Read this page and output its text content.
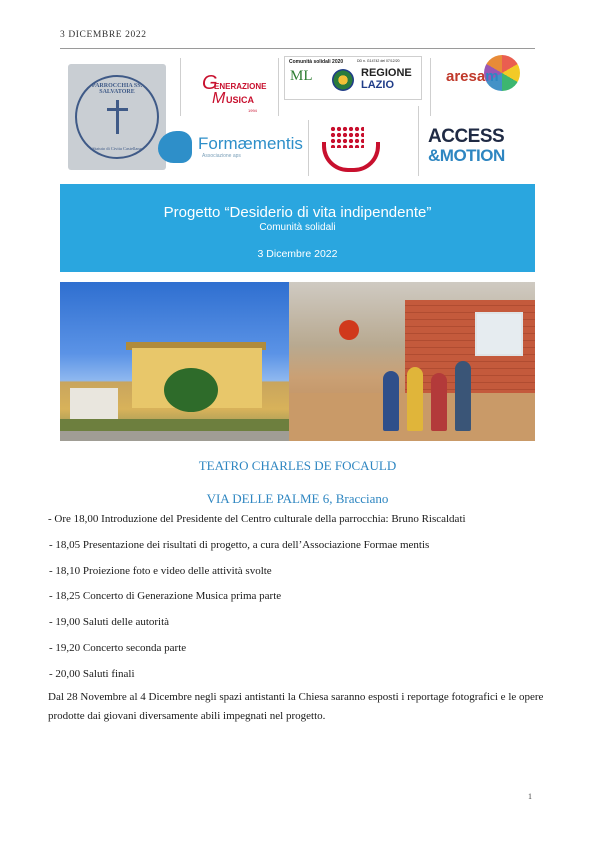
3 DICEMBRE 2022
PARROCCHIA SS. SALVATORE
Statuto di Civita Castellana
G
ENERAZIONE
M USICA
1994
Comunità solidali 2020	DD n. G14742 del 07/12/20
ML	REGIONE
LAZIO	aresam
Formæmentis
Associazione aps
ACCESS
&MOTION
Progetto “Desiderio di vita indipendente”
Comunità solidali
3 Dicembre 2022
TEATRO CHARLES DE FOCAULD
VIA DELLE PALME 6, Bracciano
- Ore 18,00 Introduzione del Presidente del Centro culturale della parrocchia: Bruno Riscaldati
- 18,05 Presentazione dei risultati di progetto, a cura dell’Associazione Formae mentis
- 18,10 Proiezione foto e video delle attività svolte
- 18,25 Concerto di Generazione Musica prima parte
- 19,00 Saluti delle autorità
- 19,20 Concerto seconda parte
- 20,00 Saluti finali
Dal 28 Novembre al 4 Dicembre negli spazi antistanti la Chiesa saranno esposti i reportage fotografici e le opere prodotte dai giovani diversamente abili impegnati nel progetto.
1
